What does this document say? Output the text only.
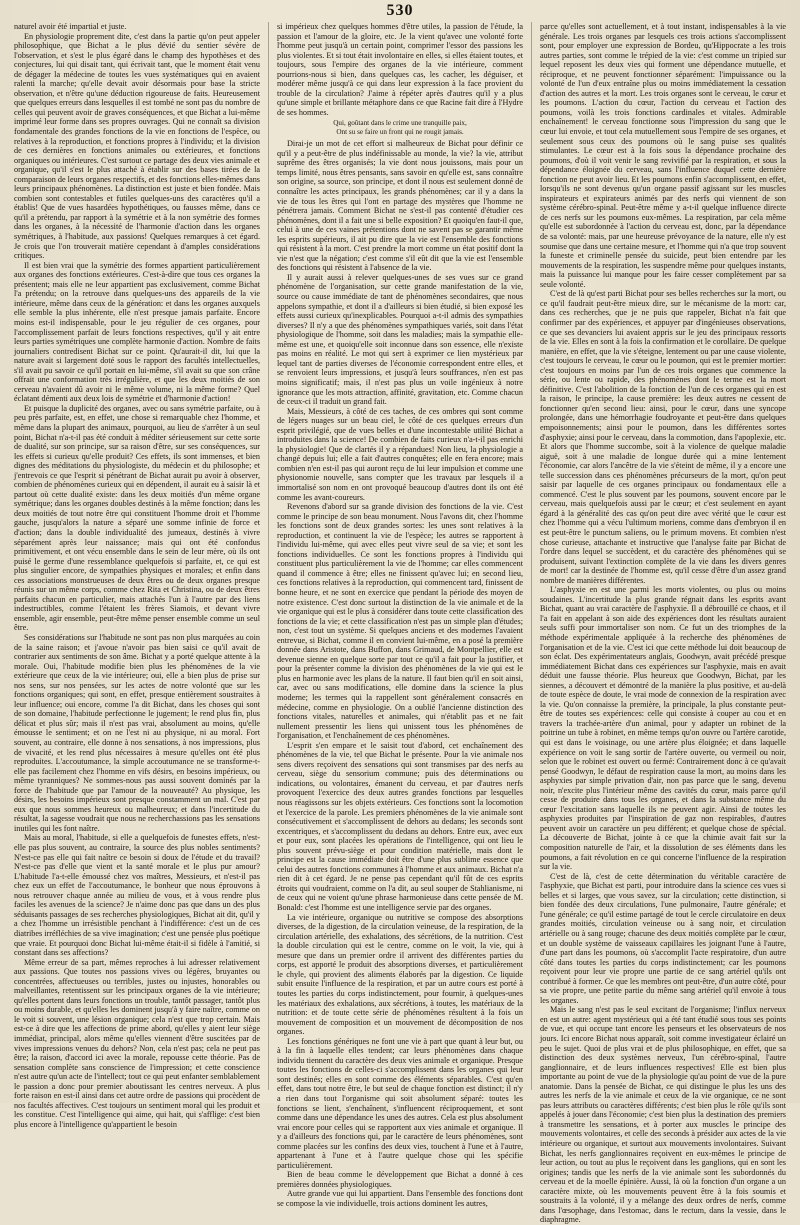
530

naturel avoir été impartial et juste.

En physiologie proprement dite, c'est dans la partie qu'on peut appeler philosophique, que Bichat a le plus dévié du sentier sévère de l'observation, et s'est le plus égaré dans le champ des hypothèses et des conjectures, lui qui disait tant, qui écrivait tant, que le moment était venu de dégager la médecine de toutes les vues systématiques qui en avaient ralenti la marche; qu'elle devait avoir désormais pour base la stricte observation, et n'être qu'une déduction rigoureuse de faits. Heureusement que quelques erreurs dans lesquelles il est tombé ne sont pas du nombre de celles qui peuvent avoir de graves conséquences, et que Bichat a lui-même imprimé leur forme dans ses propres ouvrages. Qui ne connaît sa division fondamentale des grandes fonctions de la vie en fonctions de l'espèce, ou relatives à la reproduction, et fonctions propres à l'individu; et la division de ces dernières en fonctions animales ou extérieures, et fonctions organiques ou intérieures. C'est surtout ce partage des deux vies animale et organique, qu'il s'est le plus attaché à établir sur des bases tirées de la comparaison de leurs organes respectifs, et des fonctions elles-mêmes dans leurs principaux phénomènes. La distinction est juste et bien fondée. Mais combien sont contestables et futiles quelques-uns des caractères qu'il a établis! Que de vues hasardées hypothétiques, ou fausses même, dans ce qu'il a prétendu, par rapport à la symétrie et à la non symétrie des formes dans les organes, à la nécessité de l'harmonie d'action dans les organes symétriques, à l'habitude, aux passions! Quelques remarques à cet égard. Je crois que l'on trouverait matière cependant à d'amples considérations critiques.

Il est bien vrai que la symétrie des formes appartient particulièrement aux organes des fonctions extérieures. C'est-à-dire que tous ces organes la présentent; mais elle ne leur appartient pas exclusivement, comme Bichat l'a prétendu; on la retrouve dans quelques-uns des appareils de la vie intérieure, même dans ceux de la génération: et dans les organes auxquels elle semble la plus inhérente, elle n'est presque jamais parfaite. Encore moins est-il indispensable, pour le jeu régulier de ces organes, pour l'accomplissement parfait de leurs fonctions respectives, qu'il y ait entre leurs parties symétriques une complète harmonie d'action. Nombre de faits journaliers contredisent Bichat sur ce point. Qu'aurait-il dit, lui que la nature avait si largement doté sous le rapport des facultés intellectuelles, s'il avait pu savoir ce qu'il portait en lui-même, s'il avait su que son crâne offrait une conformation très irrégulière, et que les deux moitiés de son cerveau n'avaient dû avoir ni le même volume, ni la même forme? Quel éclatant démenti aux deux lois de symétrie et d'harmonie d'action!

Et puisque la duplicité des organes, avec ou sans symétrie parfaite, ou à peu près parfaite, est, en effet, une chose si remarquable chez l'homme, et même dans la plupart des animaux, pourquoi, au lieu de s'arrêter à un seul point, Bichat n'a-t-il pas été conduit à méditer sérieusement sur cette sorte de dualité, sur son principe, sur sa raison d'être, sur ses conséquences, sur les effets si curieux qu'elle produit? Ces effets, ils sont immenses, et bien dignes des méditations du physiologiste, du médecin et du philosophe; et j'entrevois ce que l'esprit si pénétrant de Bichat aurait pu avoir à observer, combien de phénomènes curieux qui en dépendent, il aurait eu à saisir là et partout où cette dualité existe: dans les deux moitiés d'un même organe symétrique; dans les organes doubles destinés à la même fonction; dans les deux moitiés de tout notre être qui constituent l'homme droit et l'homme gauche, jusqu'alors la nature a séparé une somme infinie de force et d'action; dans la double individualité des jumeaux, destinés à vivre séparément après leur naissance; mais qui ont été confondus primitivement, et ont vécu ensemble dans le sein de leur mère, où ils ont puisé le germe d'une ressemblance quelquefois si parfaite, et, ce qui est plus singulier encore, de sympathies physiques et morales; et enfin dans ces associations monstrueuses de deux êtres ou de deux organes presque réunis sur un même corps, comme chez Rita et Christina, ou de deux êtres parfaits chacun en particulier, mais attachés l'un à l'autre par des liens indestructibles, comme l'étaient les frères Siamois, et devant vivre ensemble, agir ensemble, peut-être même penser ensemble comme un seul être.

Ses considérations sur l'habitude ne sont pas non plus marquées au coin de la saine raison; et j'avoue n'avoir pas bien saisi ce qu'il avait de contrarier aux sentiments de son âme. Bichat y a porté quelque attente à la morale. Oui, l'habitude modifie bien plus les phénomènes de la vie extérieure que ceux de la vie intérieure; oui, elle a bien plus de prise sur nos sens, sur nos pensées, sur les actes de notre volonté que sur les fonctions organiques; qui sont, en effet, presque entièrement soustraites à leur influence; oui encore, comme l'a dit Bichat, dans les choses qui sont de son domaine, l'habitude perfectionne le jugement; le rend plus fin, plus délicat et plus sûr; mais il n'est pas vrai, absolument au moins, qu'elle émousse le sentiment; et on ne l'est ni au physique, ni au moral. Fort souvent, au contraire, elle donne à nos sensations, à nos impressions, plus de vivacité, et les rend plus nécessaires à mesure qu'elles ont été plus reproduites. L'accoutumance, la simple accoutumance ne se transforme-t-elle pas facilement chez l'homme en vifs désirs, en besoins impérieux, ou même tyranniques? Ne sommes-nous pas aussi souvent dominés par la force de l'habitude que par l'amour de la nouveauté? Au physique, les désirs, les besoins impérieux sont presque constamment un mal. C'est par eux que nous sommes heureux ou malheureux; et dans l'incertitude du résultat, la sagesse voudrait que nous ne recherchassions pas les sensations inutiles qui les font naître.

Mais au moral, l'habitude, si elle a quelquefois de funestes effets, n'est-elle pas plus souvent, au contraire, la source des plus nobles sentiments? N'est-ce pas elle qui fait naître ce besoin si doux de l'étude et du travail? N'est-ce pas d'elle que vient et la santé morale et le plus pur amour? L'habitude l'a-t-elle émoussé chez vos maîtres, Messieurs, et n'est-il pas chez eux un effet de l'accoutumance, le bonheur que nous éprouvons à nous retrouver chaque année au milieu de vous, et à vous rendre plus faciles les avenues de la science? Je n'aime donc pas que dans un des plus séduisants passages de ses recherches physiologiques, Bichat ait dit, qu'il y a chez l'homme un irrésistible penchant à l'indifférence: c'est un de ces diatribes irréfléchies de sa vive imagination; c'est une pensée plus poétique que vraie. Et pourquoi donc Bichat lui-même était-il si fidèle à l'amitié, si constant dans ses affections?

Même erreur de sa part, mêmes reproches à lui adresser relativement aux passions. Que toutes nos passions vives ou légères, bruyantes ou concentrées, affectueuses ou terribles, justes ou injustes, honorables ou malveillantes, retentissent sur les principaux organes de la vie intérieure; qu'elles portent dans leurs fonctions un trouble, tantôt passager, tantôt plus ou moins durable, et qu'elles les dominent jusqu'à y faire naître, comme on le voit si souvent, une lésion organique; cela n'est que trop certain. Mais est-ce à dire que les affections de prime abord, qu'elles y aient leur siège immédiat, principal, alors même qu'elles viennent d'être suscitées par de vives impressions venues du dehors? Non, cela n'est pas; cela ne peut pas être; la raison, d'accord ici avec la morale, repousse cette théorie. Pas de sensation complète sans conscience de l'impression; et cette conscience n'est autre qu'un acte de l'intellect; tout ce qui peut enfanter semblablement le passion a donc pour premier aboutissant les centres nerveux. A plus forte raison en est-il ainsi dans cet autre ordre de passions qui procèdent de nos facultés affectives. C'est toujours un sentiment moral qui les produit et les constitue. C'est l'intelligence qui aime, qui hait, qui s'afflige: c'est bien plus encore à l'intelligence qu'appartient le besoin

si impérieux chez quelques hommes d'être utiles, la passion de l'étude, la passion et l'amour de la gloire, etc. Je la vient qu'avec une volonté forte l'homme peut jusqu'à un certain point, comprimer l'essor des passions les plus violentes. Et si tout était involontaire en elles, si elles étaient toutes, et toujours, sous l'empire des organes de la vie intérieure, comment pourrions-nous si bien, dans quelques cas, les cacher, les déguiser, et modérer même jusqu'à ce qui dans leur expression à la face provient du trouble de la circulation? J'aime à répéter après d'autres qu'il y a plus qu'une simple et brillante métaphore dans ce que Racine fait dire à l'Hydre de ses hommes.

Qui, goûtant dans le crime une tranquille paix,
Ont su se faire un front qui ne rougit jamais.

Dirai-je un mot de cet effort si malheureux de Bichat pour définir ce qu'il y a peut-être de plus indéfinissable au monde, la vie? la vie, attribut suprême des êtres organisés; la vie dont nous jouissons, mais pour un temps limité, nous êtres pensants, sans savoir en qu'elle est, sans connaître son origine, sa source, son principe, et dont il nous est seulement donné de connaître les actes principaux, les grands phénomènes; car il y a dans la vie de tous les êtres qui l'ont en partage des mystères que l'homme ne pénétrera jamais. Comment Bichat ne s'est-il pas contenté d'étudier ces phénomènes, dont il a fait une si belle exposition? Et quoiqu'en faut-il que, celui à une de ces vaines prétentions dont ne savent pas se garantir même les esprits supérieurs, il ait pu dire que la vie est l'ensemble des fonctions qui résistent à la mort. C'est prendre la mort comme un état positif dont la vie n'est que la négation; c'est comme s'il eût dit que la vie est l'ensemble des fonctions qui résistent à l'absence de la vie.

Il y aurait aussi à relever quelques-unes de ses vues sur ce grand phénomène de l'organisation, sur cette grande manifestation de la vie, source ou cause immédiate de tant de phénomènes secondaires, que nous appelons sympathie, et dont il a d'ailleurs si bien étudié, si bien exposé les effets aussi curieux qu'inexplicables. Pourquoi a-t-il admis des sympathies diverses? Il n'y a que des phénomènes sympathiques variés, soit dans l'état physiologique de l'homme, soit dans les maladies; mais la sympathie elle-même est une, et quoiqu'elle soit inconnue dans son essence, elle n'existe pas moins en réalité. Le mot qui sert à exprimer ce lien mystérieux par lequel tant de parties diverses de l'économie correspondent entre elles, et se renvoient leurs impressions, et jusqu'à leurs souffrances, n'en est pas moins significatif; mais, il n'est pas plus un voile ingénieux à notre ignorance que les mots attraction, affinité, gravitation, etc. Comme chacun de ceux-ci il traduit un grand fait.

Mais, Messieurs, à côté de ces taches, de ces ombres qui sont comme de légers nuages sur un beau ciel, le côté de ces quelques erreurs d'un esprit privilégié, que de vues belles et d'une incontestable utilité Bichat a introduites dans la science! De combien de faits curieux n'a-t-il pas enrichi la physiologie! Que de clartés il y a répandues! Non lieu, la physiologie a changé depuis lui; elle a fait d'autres conquêtes; elle en fera encore; mais combien n'en est-il pas qui auront reçu de lui leur impulsion et comme une physionomie nouvelle, sans compter que les travaux par lesquels il a immortalisé son nom en ont provoqué beaucoup d'autres dont ils ont été comme les avant-coureurs.

Revenons d'abord sur sa grande division des fonctions de la vie. C'est comme le principe de son beau monument. Nous l'avons dit, chez l'homme les fonctions sont de deux grandes sortes: les unes sont relatives à la reproduction, et continuent la vie de l'espèce; les autres se rapportent à l'individu lui-même, qui avec elles peut vivre seul de sa vie; et sont les fonctions individuelles. Ce sont les fonctions propres à l'individu qui constituent plus particulièrement la vie de l'homme; car elles commencent quand il commence à être; elles ne finissent qu'avec lui; en second lieu, ces fonctions relatives à la reproduction, qui commencent tard, finissent de bonne heure, et ne sont en exercice que pendant la période des moyen de notre existence. C'est donc surtout la distinction de la vie animale et de la vie organique qui est le plus à considérer dans toute cette classification des fonctions de la vie; et cette classification n'est pas un simple plan d'études; non, c'est tout un système. Si quelques anciens et des modernes l'avaient entrevue, si Bichat, comme il en convient lui-même, en a posé la première donnée dans Aristote, dans Buffon, dans Grimaud, de Montpellier, elle est devenue sienne en quelque sorte par tout ce qu'il a fait pour la justifier, et pour la présenter comme la division des phénomènes de la vie qui est le plus en harmonie avec les plans de la nature. Il faut bien qu'il en soit ainsi, car, avec ou sans modifications, elle domine dans la science la plus moderne; les termes qui la rappellent sont généralement consacrés en médecine, comme en physiologie. On a oublié l'ancienne distinction des fonctions vitales, naturelles et animales, qui n'établit pas et ne fait nullement pressentir les liens qui unissent tous les phénomènes de l'organisation, et l'enchaînement de ces phénomènes.

L'esprit s'en empare et le saisit tout d'abord, cet enchaînement des phénomènes de la vie, tel que Bichat le présente. Pour la vie animale nos sens divers reçoivent des sensations qui sont transmises par des nerfs au cerveau, siège du sensorium commune; puis des déterminations ou indications, ou volontaires, émanent du cerveau, et par d'autres nerfs provoquent l'exercice des deux autres grandes fonctions par lesquelles nous réagissons sur les objets extérieurs. Ces fonctions sont la locomotion et l'exercice de la parole. Les premiers phénomènes de la vie animale sont consécutivement et s'accomplissent de dehors au dedans; les seconds sont excentriques, et s'accomplissent du dedans au dehors. Entre eux, avec eux et pour eux, sont placées les opérations de l'intelligence, qui ont lieu le plus souvent prévu-siège et pour condition matérielle, mais dont le principe est la cause immédiate doit être d'une plus sublime essence que celui des autres fonctions communes à l'homme et aux animaux. Bichat n'a rien dit à cet égard. Je ne pense pas cependant qu'il fût de ces esprits étroits qui voudraient, comme on l'a dit, au seul souper de Stahlianisme, ni de ceux qui ne voient qu'une phrase harmonieuse dans cette pensée de M. Bonald: c'est l'homme est une intelligence servie par des organes.

La vie intérieure, organique ou nutritive se compose des absorptions diverses, de la digestion, de la circulation veineuse, de la respiration, de la circulation artérielle, des exhalations, des sécrétions, de la nutrition. C'est la double circulation qui est le centre, comme on le voit, la vie, qui à mesure que dans un premier ordre il arrivent des différentes parties du corps, est apporté le produit des absorptions diverses, et particulièrement le chyle, qui provient des aliments élaborés par la digestion. Ce liquide subit ensuite l'influence de la respiration, et par un autre cours est porté à toutes les parties du corps indistinctement, pour fournir, à quelques-unes les matériaux des exhalations, aux sécrétions, à toutes, les matériaux de la nutrition: et de toute cette série de phénomènes résultent à la fois un mouvement de composition et un mouvement de décomposition de nos organes.

Les fonctions génériques ne font une vie à part que quant à leur but, ou à la fin à laquelle elles tendent; car leurs phénomènes dans chaque individu tiennent du caractère des deux vies animale et organique. Presque toutes les fonctions de celles-ci s'accomplissent dans les organes qui leur sont destinés; elles en sont comme des éléments séparables. C'est qu'en effet, dans tout notre être, le but seul de chaque fonction est distinct; il n'y a rien dans tout l'organisme qui soit absolument séparé: toutes les fonctions se lient, s'enchaînent, s'influencent réciproquement, et sont comme dans une dépendance les unes des autres. Cela est plus absolument vrai encore pour celles qui se rapportent aux vies animale et organique. Il y a d'ailleurs des fonctions qui, par le caractère de leurs phénomènes, sont comme placées sur les confins des deux vies, touchent à l'une et à l'autre, appartenant à l'une et à l'autre quelque chose qui les spécifie particulièrement.

Bien de beau comme le développement que Bichat a donné à ces premières données physiologiques.

Autre grande vue qui lui appartient. Dans l'ensemble des fonctions dont se compose la vie individuelle, trois actions dominent les autres,

parce qu'elles sont actuellement, et à tout instant, indispensables à la vie générale. Les trois organes par lesquels ces trois actions s'accomplissent sont, pour employer une expression de Bordeu, qu'Hippocrate a les trois autres parties, sont comme le trépied de la vie: c'est comme un tripied sur lequel reposent les deux vies qui forment une dépendance mutuelle, et réciproque, et ne peuvent fonctionner séparément: l'impuissance ou la volonté de l'un d'eux entraîne plus ou moins immédiatement la cessation d'action des autres et la mort. Les trois organes sont le cerveau, le cœur et les poumons. L'action du cœur, l'action du cerveau et l'action des poumons, voilà les trois fonctions cardinales et vitales. Admirable enchaînement! le cerveau fonctionne sous l'impression du sang que le cœur lui envoie, et tout cela mutuellement sous l'empire de ses organes, et seulement sous ceux des poumons où le sang puise ses qualités stimulantes. Le cœur est à la fois sous la dépendance prochaine des poumons, d'où il voit venir le sang revivifié par la respiration, et sous la dépendance éloignée du cerveau, sans l'influence duquel cette dernière fonction ne peut avoir lieu. Et les poumons enfin s'accomplissent, en effet, lorsqu'ils ne sont devenus qu'un organe passif agissant sur les muscles inspirateurs et expirateurs animés par des nerfs qui viennent de son système cérébro-spinal. Peut-être même y a-t-il quelque influence directe de ces nerfs sur les poumons eux-mêmes. La respiration, par cela même qu'elle est subordonnée à l'action du cerveau est, donc, par la dépendance de sa volonté: mais, par une heureuse prévoyance de la nature, elle n'y est soumise que dans une certaine mesure, et l'homme qui n'a que trop souvent la funeste et criminelle pensée du suicide, peut bien entendre par les mouvements de la respiration, les suspendre même pour quelques instants, mais la puissance lui manque pour les faire cesser complètement par sa seule volonté.

C'est de là qu'est parti Bichat pour ses belles recherches sur la mort, ou ce qu'il faudrait peut-être mieux dire, sur le mécanisme de la mort: car, dans ces recherches, que je ne puis que rappeler, Bichat n'a fait que confirmer par des expériences, et appuyer par d'ingénieuses observations, ce que ses devanciers lui avaient appris sur le jeu des principaux ressorts de la vie. Elles en sont à la fois la confirmation et le corollaire. De quelque manière, en effet, que la vie s'éteigne, lentement ou par une cause violente, c'est toujours le cerveau, le cœur ou le poumon, qui est le premier mortier: c'est toujours en moins par l'un de ces trois organes que commence la série, ou lente ou rapide, des phénomènes dont le terme est la mort définitive. C'est l'abolition de la fonction de l'un de ces organes qui en est la raison, le principe, la cause première: les deux autres ne cessent de fonctionner qu'en second lieu: ainsi, pour le cœur, dans une syncope prolongée, dans une hémorrhagie foudroyante et peut-être dans quelques empoisonnements; ainsi pour le poumon, dans les différentes sortes d'asphyxie; ainsi pour le cerveau, dans la commotion, dans l'apoplexie, etc. Et alors que l'homme succombe, soit à la violence de quelque maladie aiguë, soit à une maladie de longue durée qui a mine lentement l'économie, car alors l'ancêtre de la vie s'éteint de même, il y a encore une telle succession dans ces phénomènes précurseurs de la mort, qu'on peut saisir par laquelle de ces organes principaux ou fondamentaux elle a commencé. C'est le plus souvent par les poumons, souvent encore par le cerveau, mais quelquefois aussi par le cœur; et c'est seulement en ayant égard à la généralité des cas qu'on peut dire avec vérité que le cœur est chez l'homme qui a vécu l'ultimum moriens, comme dans d'embryon il en est peut-être le punctum saliens, ou le primum movens. Et combien n'est chose curieuse, attachante et instructive que l'analyse faite par Bichat de l'ordre dans lequel se succèdent, et du caractère des phénomènes qui se produisent, suivant l'extinction complète de la vie dans les divers genres de mort! car la destinée de l'homme est, qu'il cesse d'être d'un assez grand nombre de manières différentes.

L'asphyxie en est une parmi les morts violentes, ou plus ou moins soudaines. L'incertitude la plus grande régnait dans les esprits avant Bichat, quant au vrai caractère de l'asphyxie. Il a débrouillé ce chaos, et il l'a fait en appelant à son aide des expériences dont les résultats auraient seuls suffi pour immortaliser son nom. Ce fut un des triomphes de la méthode expérimentale appliquée à la recherche des phénomènes de l'organisation et de la vie. C'est ici que cette méthode lui doit beaucoup de son éclat. Des expérimentateurs anglais, Goodwyn, avait précédé presque immédiatement Bichat dans ces expériences sur l'asphyxie, mais en avait déduit une fausse théorie. Plus heureux que Goodwyn, Bichat, par les siennes, a découvert et démontré de la manière la plus positive, et au-delà de toute espèce de doute, le vrai mode de connexion de la respiration avec la vie. Qu'on connaisse la première, la principale, la plus constante peut-être de toutes ses expériences: celle qui consiste à couper au cou et en travers la trachée-artère d'un animal, pour y adapter un robinet de la poitrine un tube à robinet, en même temps qu'on ouvre ou l'artère carotide, qui est dans le voisinage, ou une artère plus éloignée; et dans laquelle expérience on voit le sang sortir de l'artère ouverte, ou vermeil ou noir, selon que le robinet est ouvert ou fermé: Contrairement donc à ce qu'avait pensé Goodwyn, le défaut de respiration cause la mort, au moins dans les asphyxies par simple privation d'air, non pas parce que le sang, devenu noir, n'excite plus l'intérieur même des cavités du cœur, mais parce qu'il cesse de produire dans tous les organes, et dans la substance même du cœur l'excitation sans laquelle ils ne peuvent agir. Ainsi de toutes les asphyxies produites par l'inspiration de gaz non respirables, d'autres peuvent avoir un caractère un peu différent; et quelque chose de spécial. La découverte de Bichat, jointe à ce que la chimie avait fait sur la composition naturelle de l'air, et la dissolution de ses éléments dans les poumons, a fait révolution en ce qui concerne l'influence de la respiration sur la vie.

C'est de là, c'est de cette détermination du véritable caractère de l'asphyxie, que Bichat est parti, pour introduire dans la science ces vues si belles et si larges, que vous savez, sur la circulation; cette distinction, si bien fondée des deux circulations, l'une pulmonaire, l'autre générale; et l'une générale; ce qu'il estime partagé de tout le cercle circulatoire en deux grandes moitiés, circulation veineuse ou à sang noir, et circulation artérielle ou à sang rouge; chacune des deux moitiés complète par le cœur, et un double système de vaisseaux capillaires les joignant l'une à l'autre, d'une part dans les poumons, où s'accomplit l'acte respiratoire, d'un autre côté dans toutes les parties du corps indistinctement; car les poumons reçoivent pour leur vie propre une partie de ce sang artériel qu'ils ont contribué à former. Ce que les membres ont peut-être, d'un autre côté, pour sa vie propre, une petite partie du même sang artériel qu'il envoie à tous les organes.

Mais le sang n'est pas le seul excitant de l'organisme; l'influx nerveux en est un autre: agent mystérieux qui a été tant étudié sous tous ses points de vue, et qui occupe tant encore les penseurs et les observateurs de nos jours. Ici encore Bichat nous apparaît, soit comme investigateur éclairé un peu le sujet. Quoi de plus vrai et de plus philosophique, en effet, que sa distinction des deux systèmes nerveux, l'un cérébro-spinal, l'autre ganglionnaire, et de leurs influences respectives! Elle est bien plus importante au point de vue de la physiologie qu'au point de vue de la pure anatomie. Dans la pensée de Bichat, ce qui distingue le plus les uns des autres les nerfs de la vie animale et ceux de la vie organique, ce ne sont pas leurs attributs ou caractères différents; c'est bien plus le rôle qu'ils sont appelés à jouer dans l'économie; c'est bien plus la destination des premiers à transmettre les sensations, et à porter aux muscles le principe des mouvements volontaires, et celle des seconds à présider aux actes de la vie intérieure ou organique, et surtout aux mouvements involontaires. Suivant Bichat, les nerfs ganglionnaires reçoivent en eux-mêmes le principe de leur action, ou tout au plus le reçoivent dans les ganglions, qui en sont les origines; tandis que les nerfs de la vie animale sont les subordonnés du cerveau et de la moelle épinière. Aussi, là où la fonction d'un organe a un caractère mixte, où les mouvements peuvent être à la fois soumis et soustraits à la volonté, il y a mélange des deux ordres de nerfs, comme dans l'œsophage, dans l'estomac, dans le rectum, dans la vessie, dans le diaphragme.
